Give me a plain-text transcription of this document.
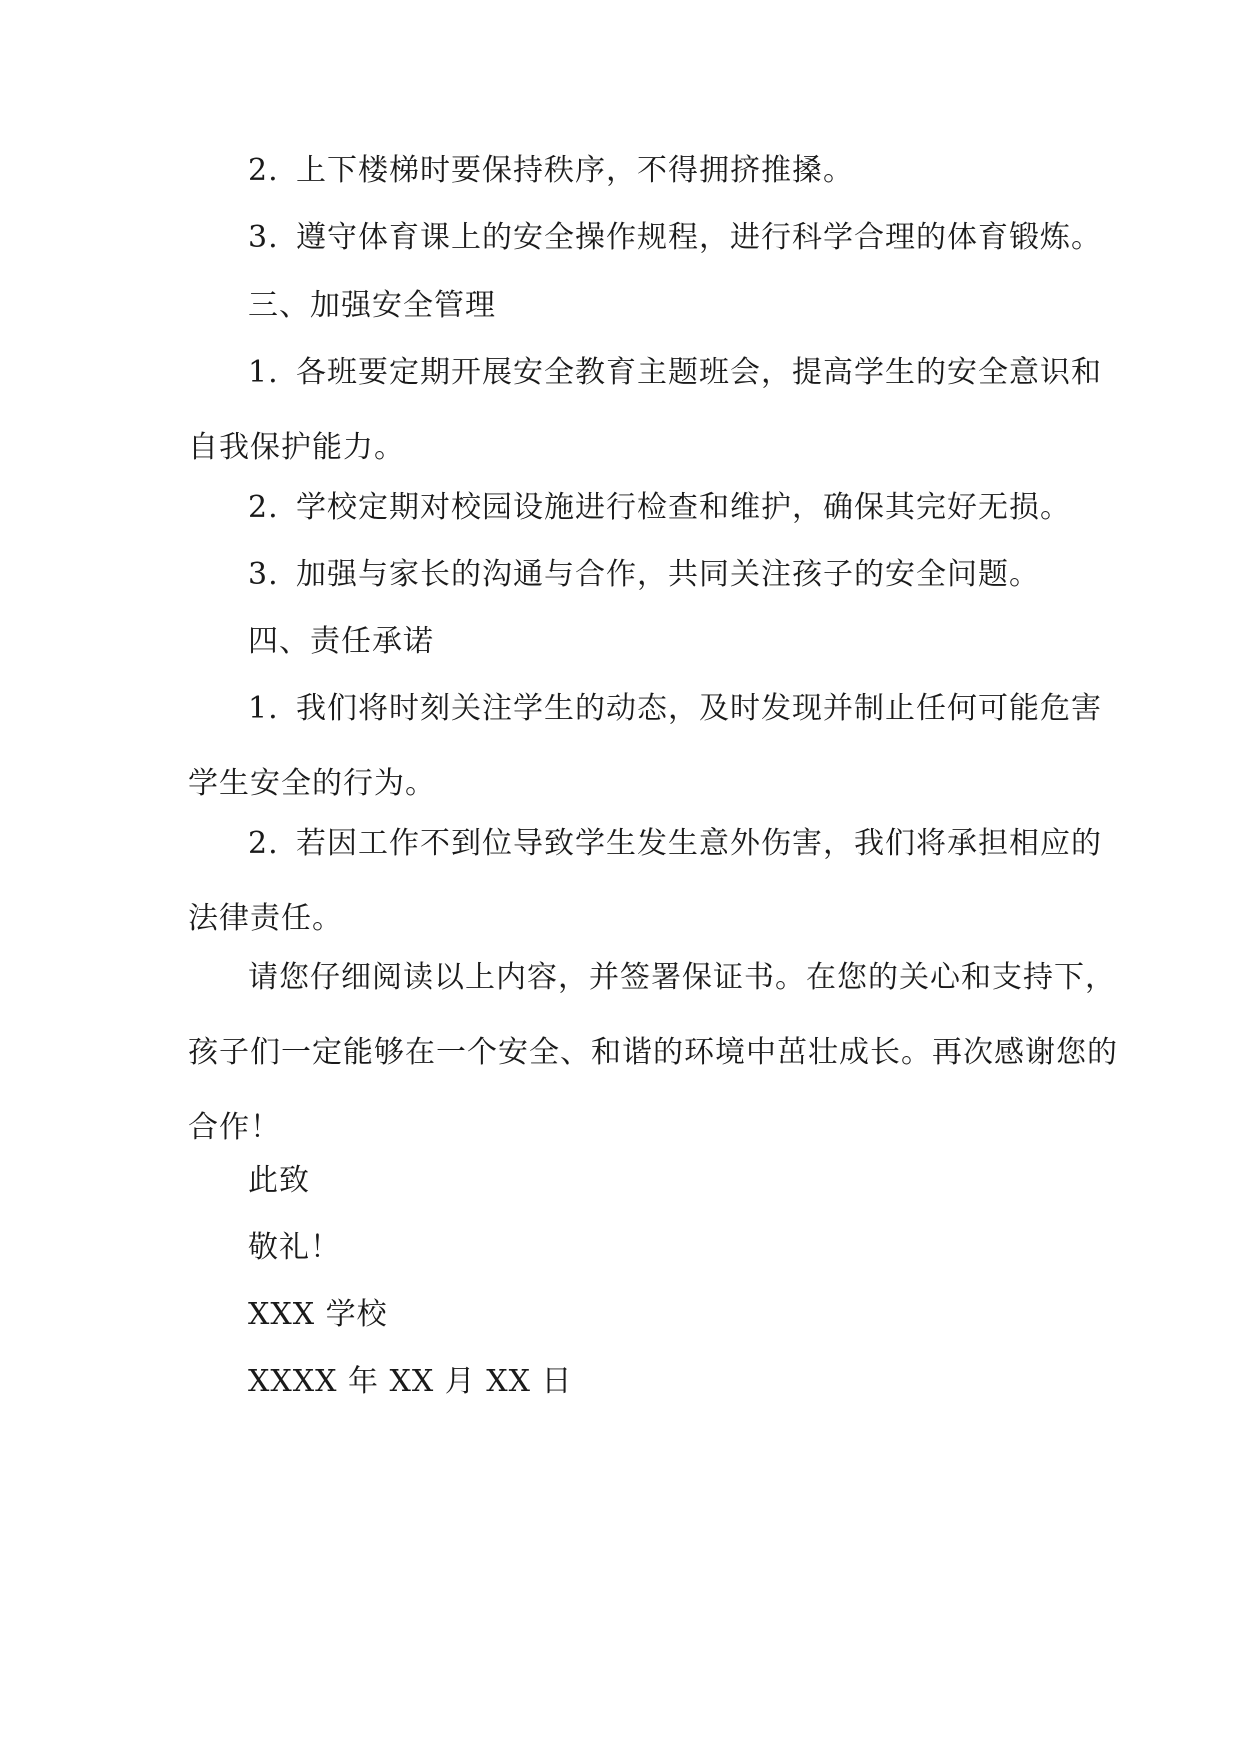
2. 上下楼梯时要保持秩序，不得拥挤推搡。
3. 遵守体育课上的安全操作规程，进行科学合理的体育锻炼。
三、加强安全管理
1. 各班要定期开展安全教育主题班会，提高学生的安全意识和
自我保护能力。
2. 学校定期对校园设施进行检查和维护，确保其完好无损。
3. 加强与家长的沟通与合作，共同关注孩子的安全问题。
四、责任承诺
1. 我们将时刻关注学生的动态，及时发现并制止任何可能危害
学生安全的行为。
2. 若因工作不到位导致学生发生意外伤害，我们将承担相应的
法律责任。
请您仔细阅读以上内容，并签署保证书。在您的关心和支持下，
孩子们一定能够在一个安全、和谐的环境中茁壮成长。再次感谢您的
合作！
此致
敬礼！
XXX 学校
XXXX 年 XX 月 XX 日
